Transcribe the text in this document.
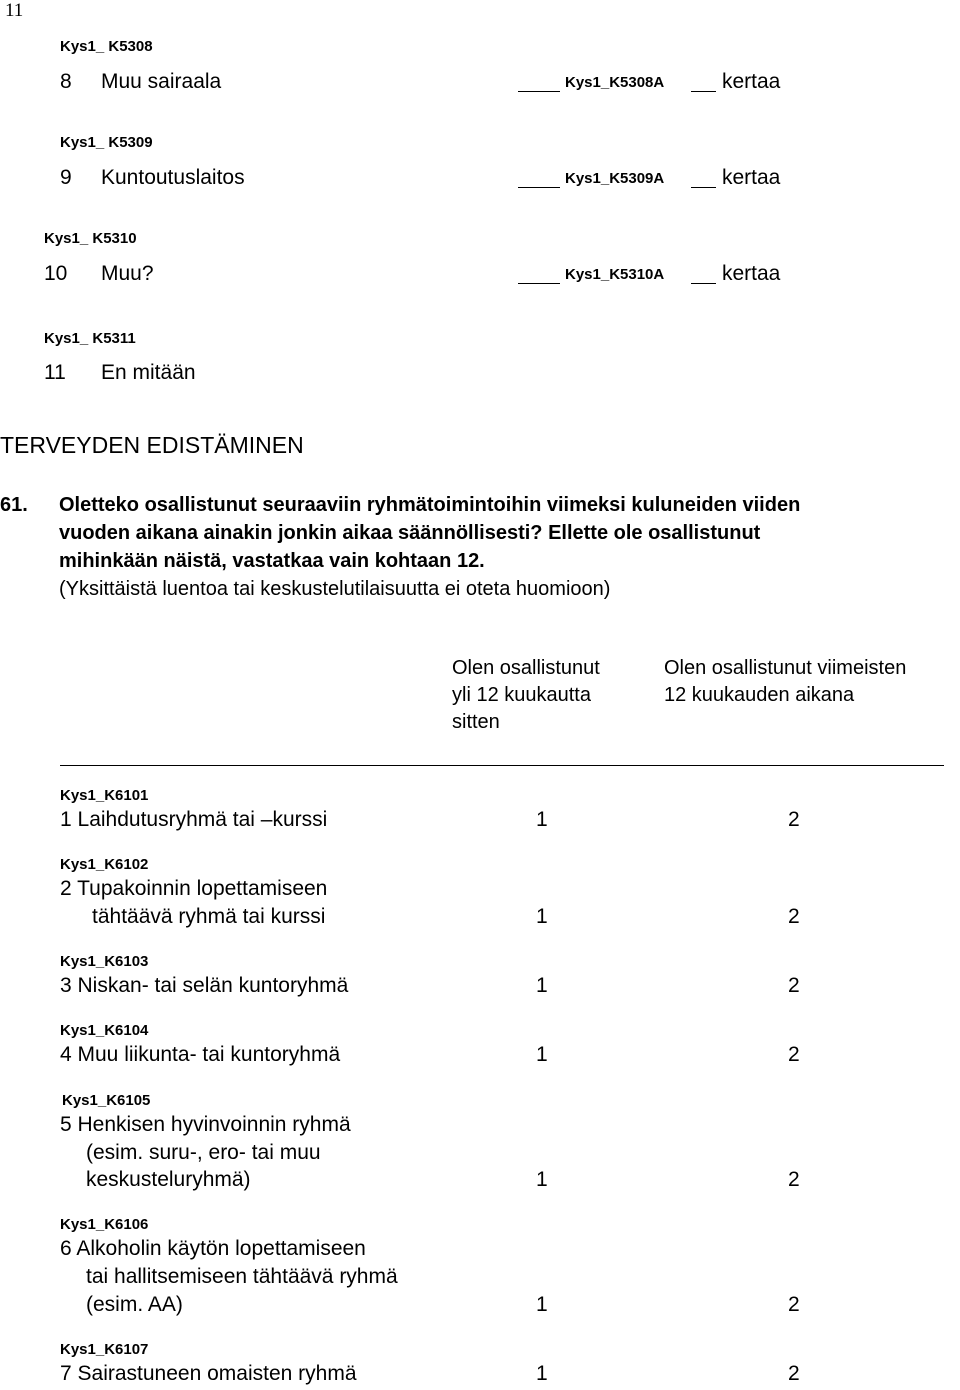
11
Kys1_ K5308
8 Muu sairaala	Kys1_K5308A	kertaa
Kys1_ K5309
9 Kuntoutuslaitos	Kys1_K5309A	kertaa
Kys1_ K5310
10 Muu?	Kys1_K5310A	kertaa
Kys1_ K5311
11 En mitään
TERVEYDEN EDISTÄMINEN
61. Oletteko osallistunut seuraaviin ryhmätoimintoihin viimeksi kuluneiden viiden
vuoden aikana ainakin jonkin aikaa säännöllisesti? Ellette ole osallistunut
mihinkään näistä, vastatkaa vain kohtaan 12.
(Yksittäistä luentoa tai keskustelutilaisuutta ei oteta huomioon)
Olen osallistunut
yli 12 kuukautta
sitten
Olen osallistunut viimeisten
12 kuukauden aikana
Kys1_K6101
1 Laihdutusryhmä tai –kurssi	1	2
Kys1_K6102
2 Tupakoinnin lopettamiseen
tähtäävä ryhmä tai kurssi	1	2
Kys1_K6103
3 Niskan- tai selän kuntoryhmä	1	2
Kys1_K6104
4 Muu liikunta- tai kuntoryhmä	1	2
Kys1_K6105
5 Henkisen hyvinvoinnin ryhmä
(esim. suru-, ero- tai muu
keskusteluryhmä)	1	2
Kys1_K6106
6 Alkoholin käytön lopettamiseen
tai hallitsemiseen tähtäävä ryhmä
(esim. AA)	1	2
Kys1_K6107
7 Sairastuneen omaisten ryhmä	1	2
